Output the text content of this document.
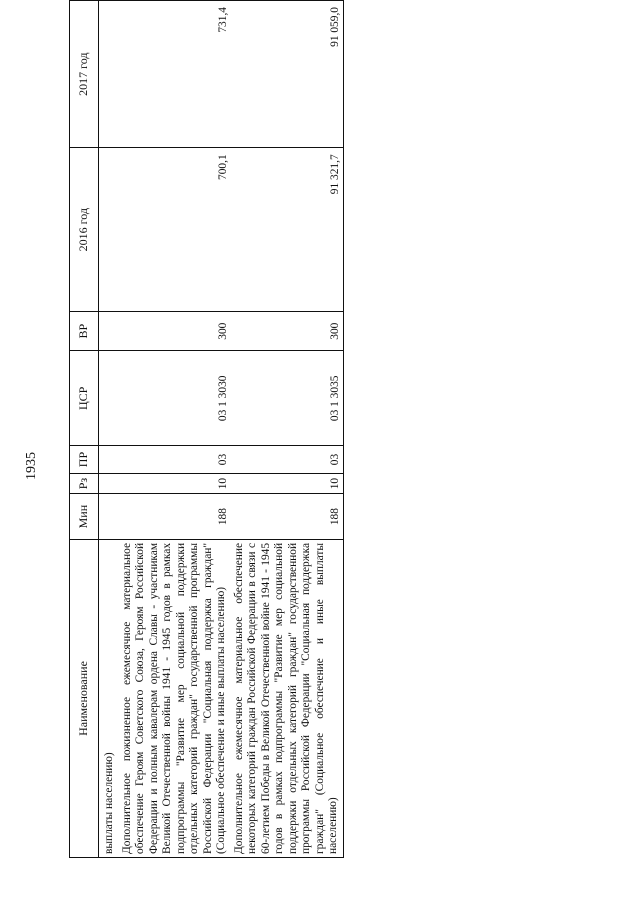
1935
Наименование	Мин	Рз	ПР	ЦСР	ВР	2016 год	2017 год
выплаты населению)							
Дополнительное пожизненное ежемесячное материальное обеспечение Героям Советского Союза, Героям Российской Федерации и полным кавалерам ордена Славы - участникам Великой Отечественной войны 1941 - 1945 годов в рамках подпрограммы "Развитие мер социальной поддержки отдельных категорий граждан" государственной программы Российской Федерации "Социальная поддержка граждан" (Социальное обеспечение и иные выплаты населению)	188	10	03	03 1 3030	300	700,1	731,4
Дополнительное ежемесячное материальное обеспечение некоторых категорий граждан Российской Федерации в связи с 60-летием Победы в Великой Отечественной войне 1941 - 1945 годов в рамках подпрограммы "Развитие мер социальной поддержки отдельных категорий граждан" государственной программы Российской Федерации "Социальная поддержка граждан" (Социальное обеспечение и иные выплаты населению)	188	10	03	03 1 3035	300	91 321,7	91 059,0
